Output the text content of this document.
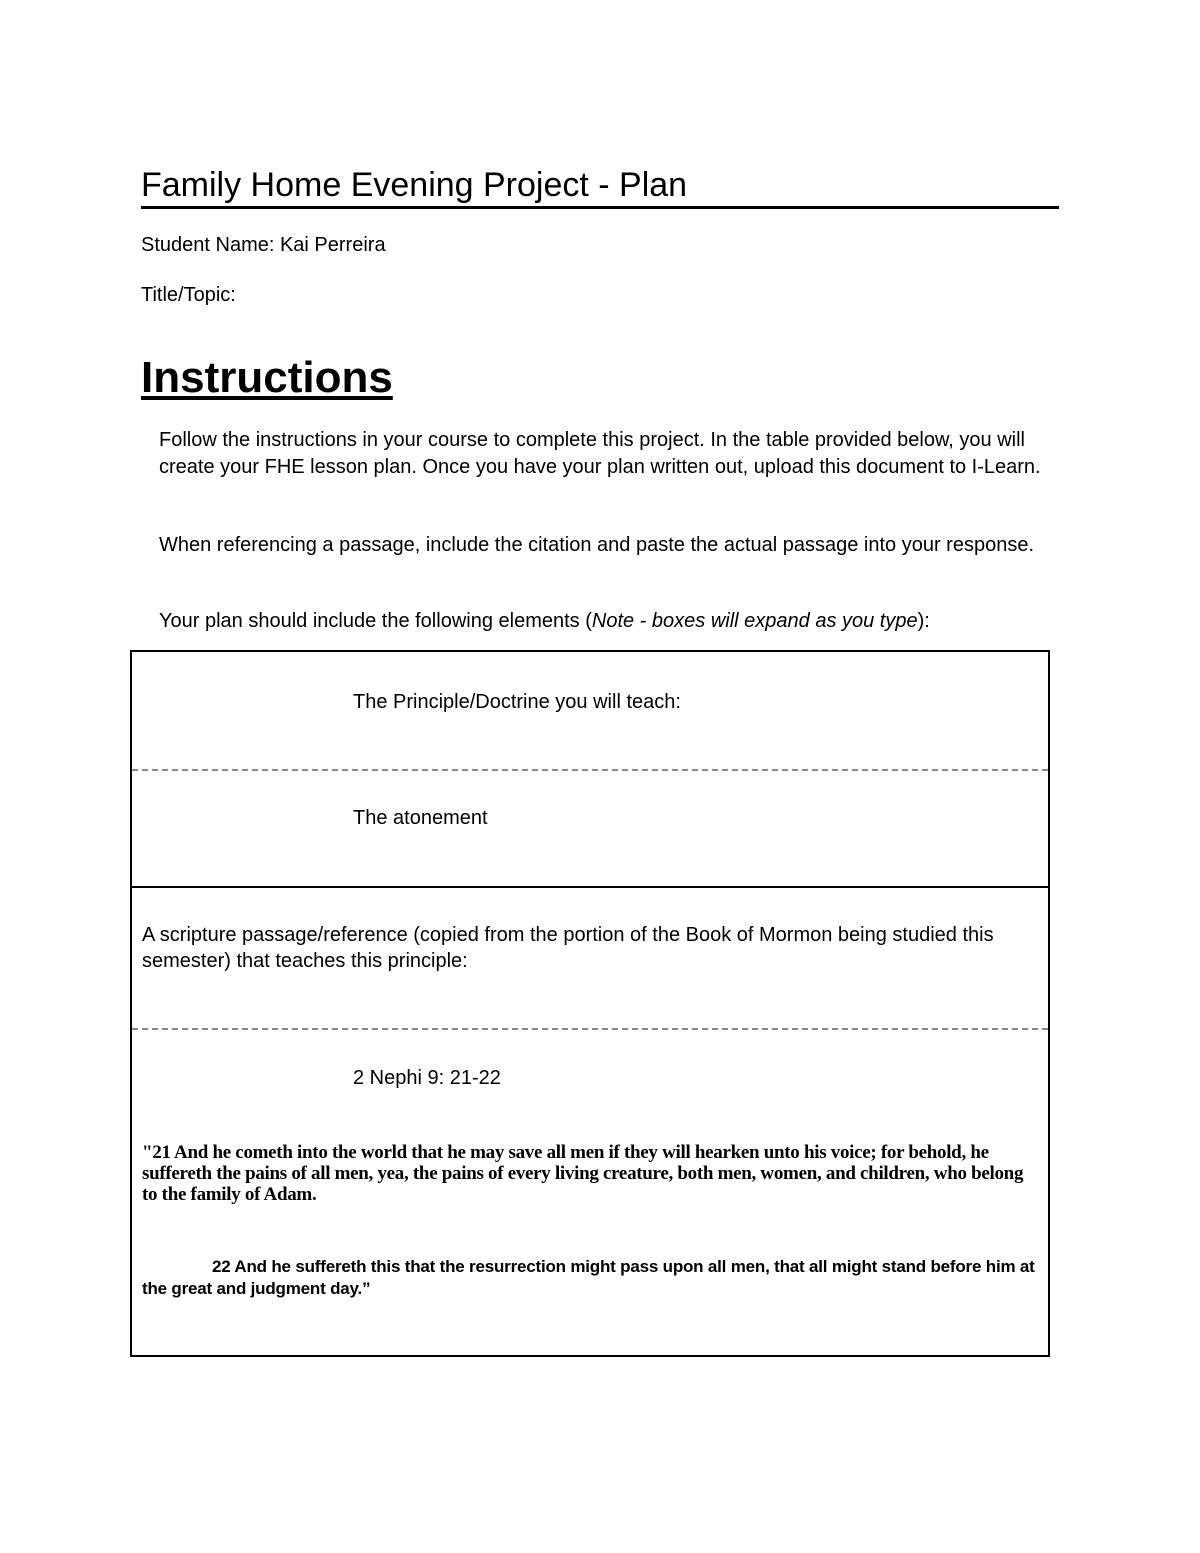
Family Home Evening Project - Plan
Student Name: Kai Perreira
Title/Topic:
Instructions

Follow the instructions in your course to complete this project. In the table provided below, you will create your FHE lesson plan. Once you have your plan written out, upload this document to I-Learn.

When referencing a passage, include the citation and paste the actual passage into your response.

Your plan should include the following elements (Note - boxes will expand as you type):

The Principle/Doctrine you will teach:
The atonement
A scripture passage/reference (copied from the portion of the Book of Mormon being studied this semester) that teaches this principle:
2 Nephi 9: 21-22
"21 And he cometh into the world that he may save all men if they will hearken unto his voice; for behold, he suffereth the pains of all men, yea, the pains of every living creature, both men, women, and children, who belong to the family of Adam.
22 And he suffereth this that the resurrection might pass upon all men, that all might stand before him at the great and judgment day.”
